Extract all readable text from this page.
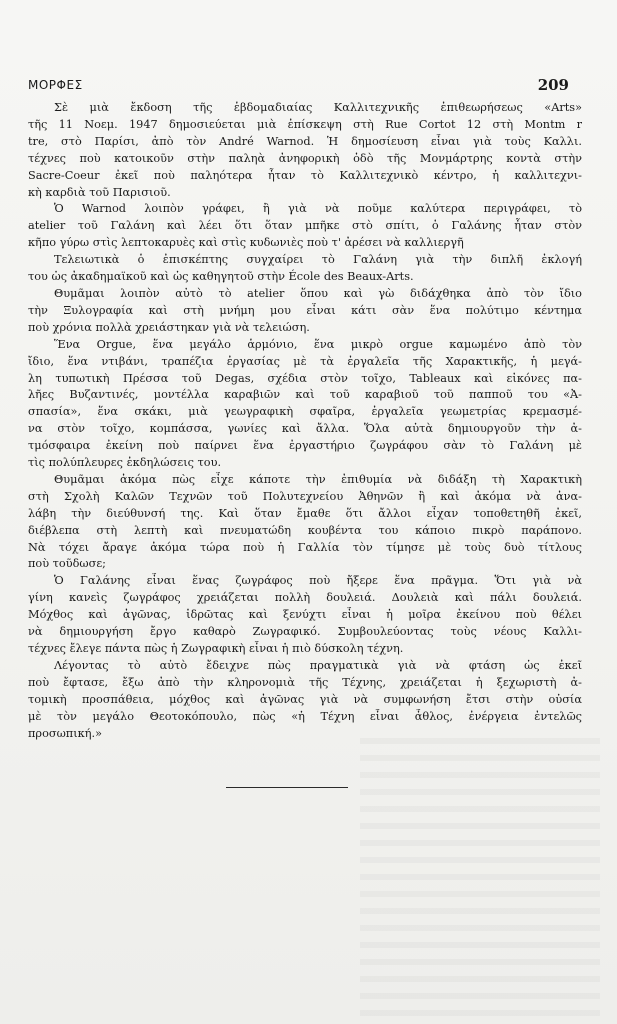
ΜΟΡΦΕΣ	209
Σὲ μιὰ ἔκδοση τῆς ἑβδομαδιαίας Καλλιτεχνικῆς ἐπιθεωρήσεως «Arts»
τῆς 11 Νοεμ. 1947 δημοσιεύεται μιὰ ἐπίσκεψη στὴ Rue Cortot 12 στὴ Montm r
tre, στὸ Παρίσι, ἀπὸ τὸν André Warnod. Ἡ δημοσίευση εἶναι γιὰ τοὺς Καλλι.
τέχνες ποὺ κατοικοῦν στὴν παληὰ ἀνηφορικὴ ὁδὸ τῆς Μονμάρτρης κοντὰ στὴν
Sacre-Coeur ἐκεῖ ποὺ παληότερα ἦταν τὸ Καλλιτεχνικὸ κέντρο, ἡ καλλιτεχνι-
κὴ καρδιὰ τοῦ Παρισιοῦ.
Ὁ Warnod λοιπὸν γράφει, ἢ γιὰ νὰ ποῦμε καλύτερα περιγράφει, τὸ
atelier τοῦ Γαλάνη καὶ λέει ὅτι ὅταν μπῆκε στὸ σπίτι, ὁ Γαλάνης ἦταν στὸν
κῆπο γύρω στὶς λεπτοκαρυὲς καὶ στὶς κυδωνιὲς ποὺ τ' ἀρέσει νὰ καλλιεργῆ
Τελειωτικὰ ὁ ἐπισκέπτης συγχαίρει τὸ Γαλάνη γιὰ τὴν διπλῆ ἐκλογή
του ὡς ἀκαδημαϊκοῦ καὶ ὡς καθηγητοῦ στὴν École des Beaux-Arts.
Θυμᾶμαι λοιπὸν αὐτὸ τὸ atelier ὅπου καὶ γὼ διδάχθηκα ἀπὸ τὸν ἴδιο
τὴν Ξυλογραφία καὶ στὴ μνήμη μου εἶναι κάτι σὰν ἕνα πολύτιμο κέντημα
ποὺ χρόνια πολλὰ χρειάστηκαν γιὰ νὰ τελειώση.
Ἕνα Orgue, ἕνα μεγάλο ἁρμόνιο, ἕνα μικρὸ orgue καμωμένο ἀπὸ τὸν
ἴδιο, ἕνα ντιβάνι, τραπέζια ἐργασίας μὲ τὰ ἐργαλεῖα τῆς Χαρακτικῆς, ἡ μεγά-
λη τυπωτικὴ Πρέσσα τοῦ Degas, σχέδια στὸν τοῖχο, Tableaux καὶ εἰκόνες πα-
λῆες Βυζαντινές, μοντέλλα καραβιῶν καὶ τοῦ καραβιοῦ τοῦ παπποῦ του «Ἀ-
σπασία», ἕνα σκάκι, μιὰ γεωγραφικὴ σφαῖρα, ἐργαλεῖα γεωμετρίας κρεμασμέ-
να στὸν τοῖχο, κομπάσσα, γωνίες καὶ ἄλλα. Ὅλα αὐτὰ δημιουργοῦν τὴν ἀ-
τμόσφαιρα ἐκείνη ποὺ παίρνει ἕνα ἐργαστήριο ζωγράφου σὰν τὸ Γαλάνη μὲ
τὶς πολύπλευρες ἐκδηλώσεις του.
Θυμᾶμαι ἀκόμα πὼς εἶχε κάποτε τὴν ἐπιθυμία νὰ διδάξη τὴ Χαρακτικὴ
στὴ Σχολὴ Καλῶν Τεχνῶν τοῦ Πολυτεχνείου Ἀθηνῶν ἢ καὶ ἀκόμα νὰ ἀνα-
λάβη τὴν διεύθυνσή της. Καὶ ὅταν ἔμαθε ὅτι ἄλλοι εἶχαν τοποθετηθῆ ἐκεῖ,
διέβλεπα στὴ λεπτὴ καὶ πνευματώδη κουβέντα του κάποιο πικρὸ παράπονο.
Νὰ τόχει ἄραγε ἀκόμα τώρα ποὺ ἡ Γαλλία τὸν τίμησε μὲ τοὺς δυὸ τίτλους
ποὺ τοῦδωσε;
Ὁ Γαλάνης εἶναι ἕνας ζωγράφος ποὺ ἤξερε ἕνα πρᾶγμα. Ὅτι γιὰ νὰ
γίνη κανεὶς ζωγράφος χρειάζεται πολλὴ δουλειά. Δουλειὰ καὶ πάλι δουλειά.
Μόχθος καὶ ἀγῶνας, ἱδρῶτας καὶ ξενύχτι εἶναι ἡ μοῖρα ἐκείνου ποὺ θέλει
νὰ δημιουργήση ἔργο καθαρὸ Ζωγραφικό. Συμβουλεύοντας τοὺς νέους Καλλι-
τέχνες ἔλεγε πάντα πὼς ἡ Ζωγραφικὴ εἶναι ἡ πιὸ δύσκολη τέχνη.
Λέγοντας τὸ αὐτὸ ἔδειχνε πὼς πραγματικὰ γιὰ νὰ φτάση ὡς ἐκεῖ
ποὺ ἔφτασε, ἔξω ἀπὸ τὴν κληρονομιὰ τῆς Τέχνης, χρειάζεται ἡ ξεχωριστὴ ἀ-
τομικὴ προσπάθεια, μόχθος καὶ ἀγῶνας γιὰ νὰ συμφωνήση ἔτσι στὴν οὐσία
μὲ τὸν μεγάλο Θεοτοκόπουλο, πὼς «ἡ Τέχνη εἶναι ἆθλος, ἐνέργεια ἐντελῶς
προσωπική.»
